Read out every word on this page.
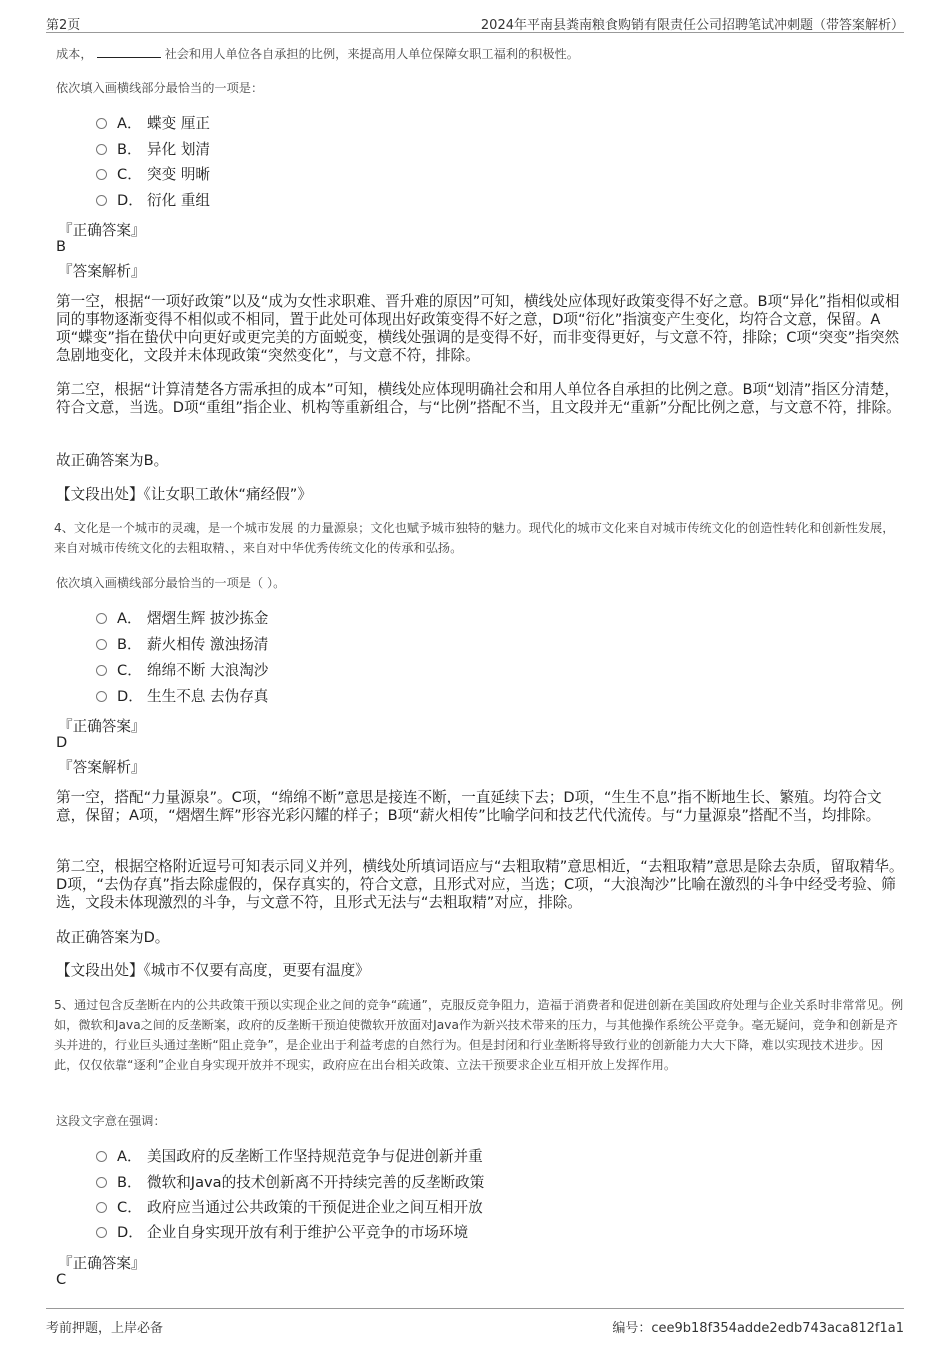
第2页	2024年平南县粪南粮食购销有限责任公司招聘笔试冲刺题（带答案解析）
成本，	社会和用人单位各自承担的比例，来提高用人单位保障女职工福利的积极性。
依次填入画横线部分最恰当的一项是：
A． 蝶变 厘正
B． 异化 划清
C． 突变 明晰
D． 衍化 重组
『正确答案』
B
『答案解析』
第一空，根据“一项好政策”以及“成为女性求职难、晋升难的原因”可知，横线处应体现好政策变得不好之意。B项“异化”指相似或相同的事物逐渐变得不相似或不相同，置于此处可体现出好政策变得不好之意，D项“衍化”指演变产生变化，均符合文意，保留。A项“蝶变”指在蛰伏中向更好或更完美的方面蜕变，横线处强调的是变得不好，而非变得更好，与文意不符，排除；C项“突变”指突然急剧地变化，文段并未体现政策“突然变化”，与文意不符，排除。
第二空，根据“计算清楚各方需承担的成本”可知，横线处应体现明确社会和用人单位各自承担的比例之意。B项“划清”指区分清楚，符合文意，当选。D项“重组”指企业、机构等重新组合，与“比例”搭配不当，且文段并无“重新”分配比例之意，与文意不符，排除。
故正确答案为B。
【文段出处】《让女职工敢休“痛经假”》
4、文化是一个城市的灵魂，是一个城市发展 的力量源泉；文化也赋予城市独特的魅力。现代化的城市文化来自对城市传统文化的创造性转化和创新性发展，来自对城市传统文化的去粗取精、，来自对中华优秀传统文化的传承和弘扬。
依次填入画横线部分最恰当的一项是（ ）。
A． 熠熠生辉 披沙拣金
B． 薪火相传 激浊扬清
C． 绵绵不断 大浪淘沙
D． 生生不息 去伪存真
『正确答案』
D
『答案解析』
第一空，搭配“力量源泉”。C项，“绵绵不断”意思是接连不断，一直延续下去；D项，“生生不息”指不断地生长、繁殖。均符合文意，保留；A项，“熠熠生辉”形容光彩闪耀的样子；B项“薪火相传”比喻学问和技艺代代流传。与“力量源泉”搭配不当，均排除。
第二空，根据空格附近逗号可知表示同义并列，横线处所填词语应与“去粗取精”意思相近，“去粗取精”意思是除去杂质，留取精华。D项，“去伪存真”指去除虚假的，保存真实的，符合文意，且形式对应，当选；C项，“大浪淘沙”比喻在激烈的斗争中经受考验、筛选，文段未体现激烈的斗争，与文意不符，且形式无法与“去粗取精”对应，排除。
故正确答案为D。
【文段出处】《城市不仅要有高度，更要有温度》
5、通过包含反垄断在内的公共政策干预以实现企业之间的竞争“疏通”，克服反竞争阻力，造福于消费者和促进创新在美国政府处理与企业关系时非常常见。例如，微软和Java之间的反垄断案，政府的反垄断干预迫使微软开放面对Java作为新兴技术带来的压力，与其他操作系统公平竞争。毫无疑问，竞争和创新是齐头并进的，行业巨头通过垄断“阻止竞争”，是企业出于利益考虑的自然行为。但是封闭和行业垄断将导致行业的创新能力大大下降，难以实现技术进步。因此，仅仅依靠“逐利”企业自身实现开放并不现实，政府应在出台相关政策、立法干预要求企业互相开放上发挥作用。
这段文字意在强调：
A． 美国政府的反垄断工作坚持规范竞争与促进创新并重
B． 微软和Java的技术创新离不开持续完善的反垄断政策
C． 政府应当通过公共政策的干预促进企业之间互相开放
D． 企业自身实现开放有利于维护公平竞争的市场环境
『正确答案』
C
考前押题，上岸必备	编号：cee9b18f354adde2edb743aca812f1a1
